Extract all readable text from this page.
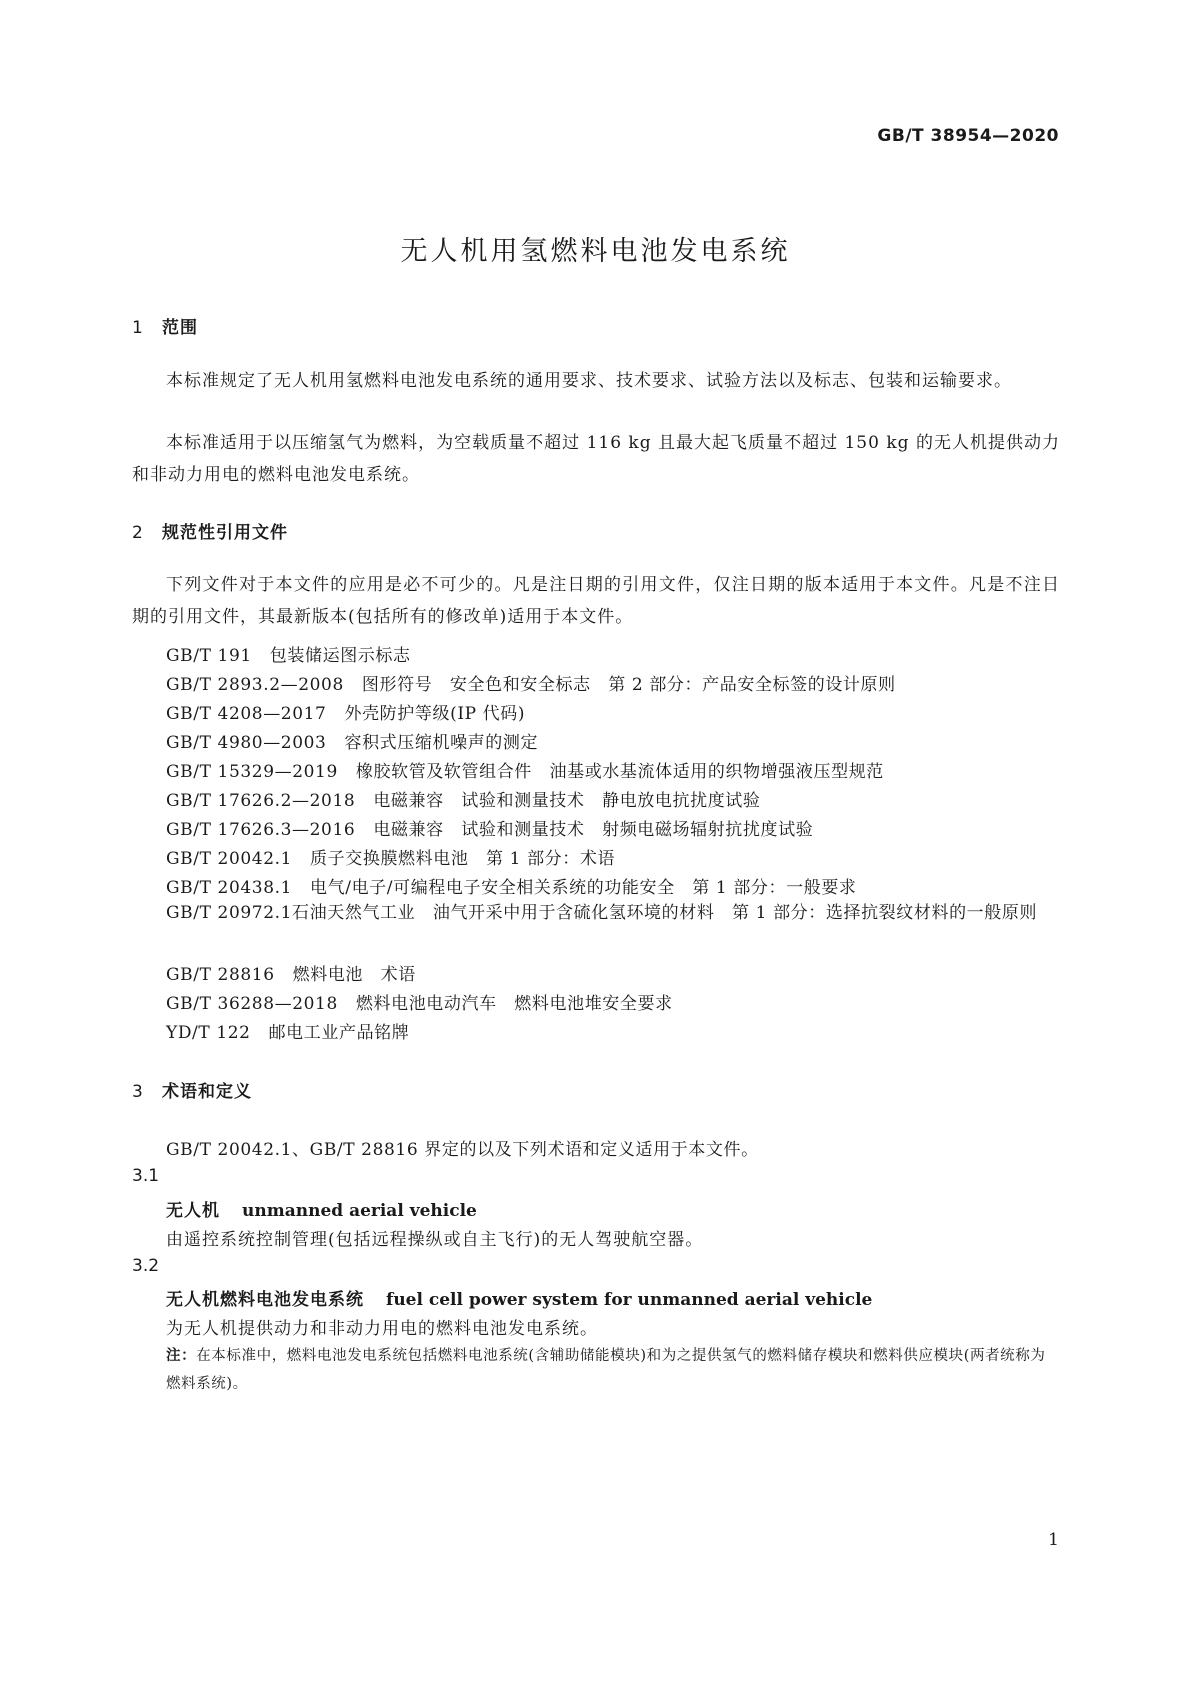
GB/T 38954—2020
无人机用氢燃料电池发电系统
1 范围
本标准规定了无人机用氢燃料电池发电系统的通用要求、技术要求、试验方法以及标志、包装和运输要求。
本标准适用于以压缩氢气为燃料，为空载质量不超过 116 kg 且最大起飞质量不超过 150 kg 的无人机提供动力和非动力用电的燃料电池发电系统。
2 规范性引用文件
下列文件对于本文件的应用是必不可少的。凡是注日期的引用文件，仅注日期的版本适用于本文件。凡是不注日期的引用文件，其最新版本(包括所有的修改单)适用于本文件。
GB/T 191 包装储运图示标志
GB/T 2893.2—2008 图形符号　安全色和安全标志　第 2 部分：产品安全标签的设计原则
GB/T 4208—2017 外壳防护等级(IP 代码)
GB/T 4980—2003 容积式压缩机噪声的测定
GB/T 15329—2019 橡胶软管及软管组合件　油基或水基流体适用的织物增强液压型规范
GB/T 17626.2—2018 电磁兼容　试验和测量技术　静电放电抗扰度试验
GB/T 17626.3—2016 电磁兼容　试验和测量技术　射频电磁场辐射抗扰度试验
GB/T 20042.1 质子交换膜燃料电池　第 1 部分：术语
GB/T 20438.1 电气/电子/可编程电子安全相关系统的功能安全　第 1 部分：一般要求
GB/T 20972.1石油天然气工业　油气开采中用于含硫化氢环境的材料　第 1 部分：选择抗裂纹材料的一般原则
GB/T 28816 燃料电池　术语
GB/T 36288—2018 燃料电池电动汽车　燃料电池堆安全要求
YD/T 122 邮电工业产品铭牌
3 术语和定义
GB/T 20042.1、GB/T 28816 界定的以及下列术语和定义适用于本文件。
3.1
无人机 unmanned aerial vehicle
由遥控系统控制管理(包括远程操纵或自主飞行)的无人驾驶航空器。
3.2
无人机燃料电池发电系统 fuel cell power system for unmanned aerial vehicle
为无人机提供动力和非动力用电的燃料电池发电系统。
注：在本标准中，燃料电池发电系统包括燃料电池系统(含辅助储能模块)和为之提供氢气的燃料储存模块和燃料供应模块(两者统称为燃料系统)。
1
